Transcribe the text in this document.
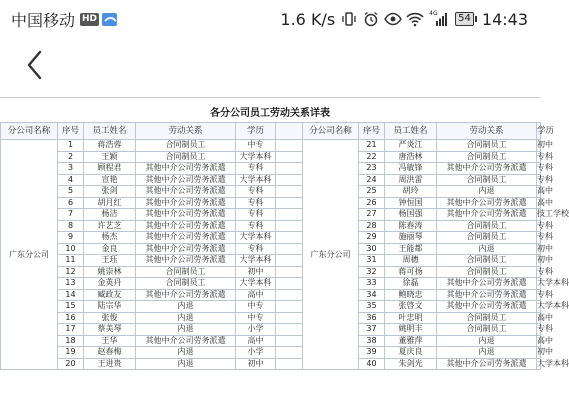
中国移动 HD	1.6 K/s	4G	54 14:43
各分公司员工劳动关系详表
分公司名称	序号	员工姓名	劳动关系	学历		分公司名称	序号	员工姓名	劳动关系	学历
广东分公司	1	蒋浩蓉	合同制员工	中专		广东分公司	21	严炎江	合同制员工	初中
	2	王颖	合同制员工	大学本科			22	唐浩林	合同制员工	专科
	3	顾程君	其他中介公司劳务派遣	专科			23	冯敏锋	其他中介公司劳务派遣	专科
	4	宣艳	其他中介公司劳务派遣	大学本科			24	周洪雷	合同制员工	专科
	5	张剑	其他中介公司劳务派遣	专科			25	胡玲	内退	高中
	6	胡月红	其他中介公司劳务派遣	专科			26	钟恒国	其他中介公司劳务派遣	高中
	7	杨洁	其他中介公司劳务派遣	专科			27	杨国强	其他中介公司劳务派遣	技工学校
	8	许艺芝	其他中介公司劳务派遣	专科			28	陈春涛	合同制员工	专科
	9	杨杰	其他中介公司劳务派遣	大学本科			29	施丽琴	合同制员工	专科
	10	金良	其他中介公司劳务派遣	专科			30	王能都	内退	初中
	11	王珏	其他中介公司劳务派遣	大学本科			31	周穗	合同制员工	初中
	12	姚崇林	合同制员工	初中			32	蒋可扬	合同制员工	专科
	13	金英丹	合同制员工	大学本科			33	徐磊	其他中介公司劳务派遣	大学本科
	14	臧政友	其他中介公司劳务派遣	高中			34	鲍晓忠	其他中介公司劳务派遣	专科
	15	陆宗华	内退	中专			35	张啓文	其他中介公司劳务派遣	大学本科
	16	张俊	内退	中专			36	叶忠明	合同制员工	高中
	17	蔡美琴	内退	小学			37	姚明丰	合同制员工	专科
	18	王华	其他中介公司劳务派遣	高中			38	董雅萍	内退	高中
	19	赵春梅	内退	小学			39	夏庆良	内退	初中
	20	王进贵	内退	初中			40	朱剑光	其他中介公司劳务派遣	大学本科
